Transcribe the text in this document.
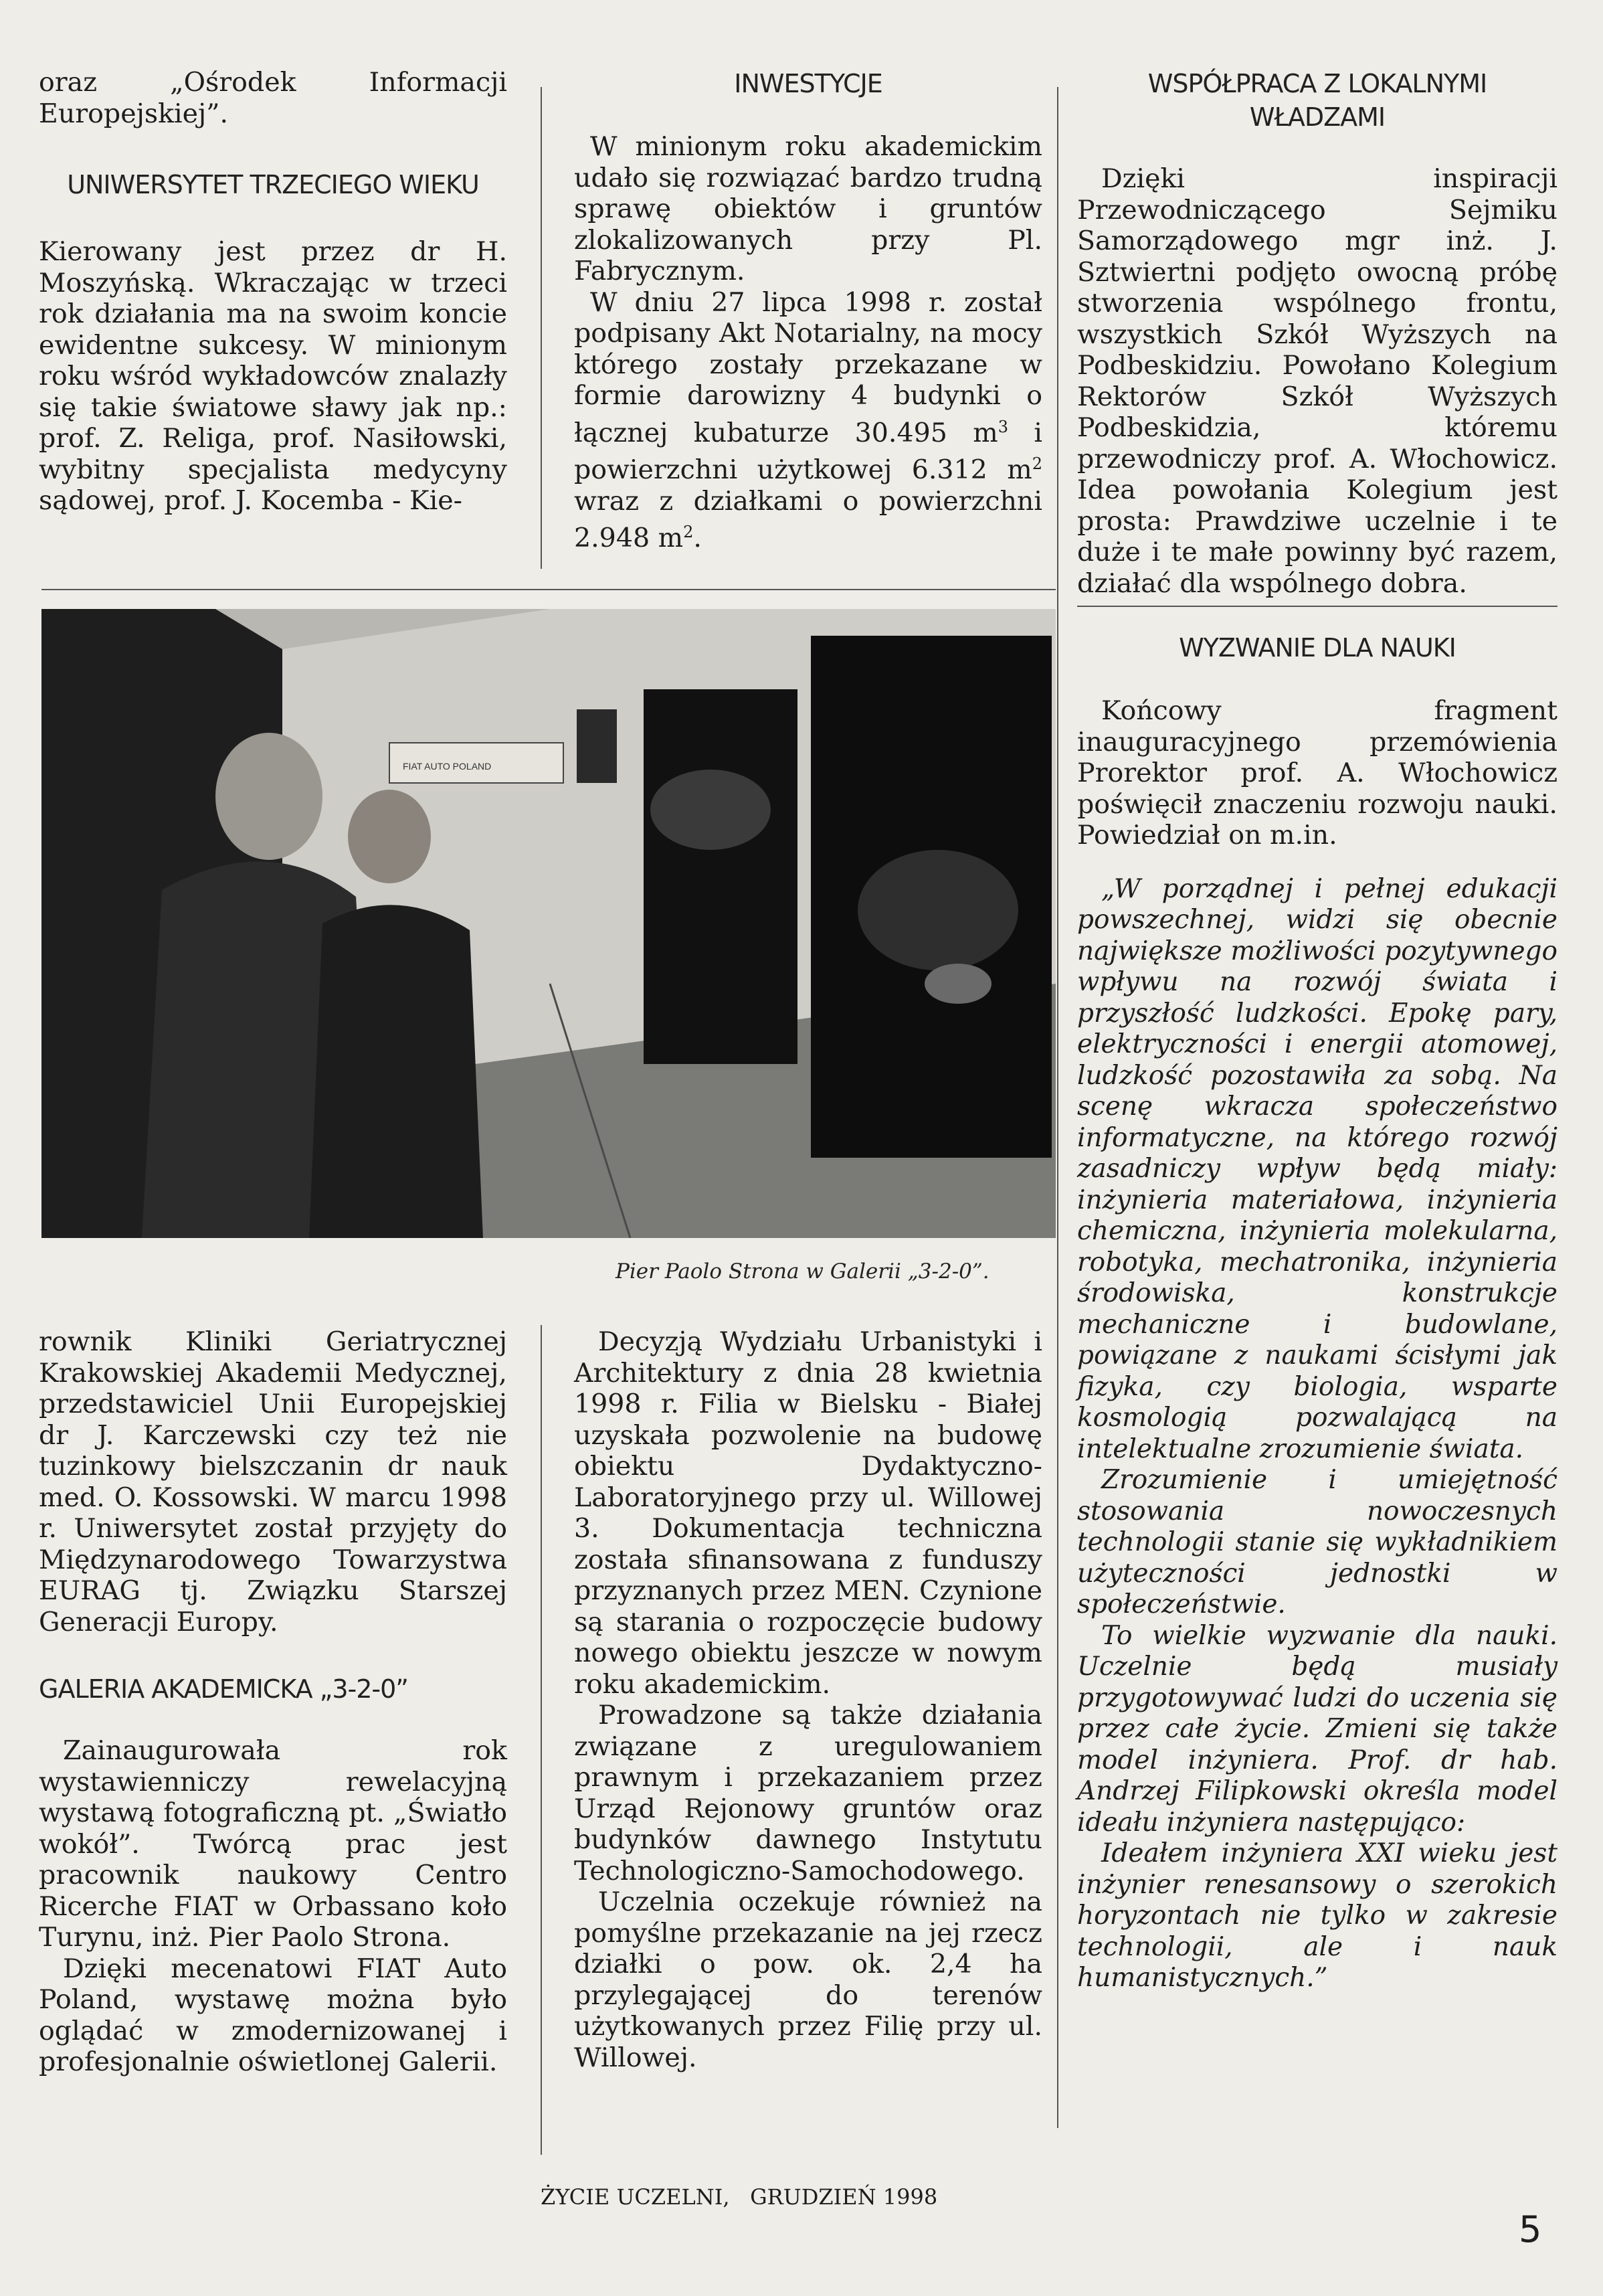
oraz „Ośrodek Informacji Europejskiej”.

UNIWERSYTET TRZECIEGO WIEKU

Kierowany jest przez dr H. Moszyńską. Wkraczając w trzeci rok działania ma na swoim koncie ewidentne sukcesy. W minionym roku wśród wykładowców znalazły się takie światowe sławy jak np.: prof. Z. Religa, prof. Nasiłowski, wybitny specjalista medycyny sądowej, prof. J. Kocemba - Kie-

INWESTYCJE

W minionym roku akademickim udało się rozwiązać bardzo trudną sprawę obiektów i gruntów zlokalizowanych przy Pl. Fabrycznym.

W dniu 27 lipca 1998 r. został podpisany Akt Notarialny, na mocy którego zostały przekazane w formie darowizny 4 budynki o łącznej kubaturze 30.495 $m^3$ i powierzchni użytkowej 6.312 $m^2$ wraz z działkami o powierzchni 2.948 $m^2$.

WSPÓŁPRACA Z LOKALNYMI WŁADZAMI

Dzięki inspiracji Przewodniczącego Sejmiku Samorządowego mgr inż. J. Sztwiertni podjęto owocną próbę stworzenia wspólnego frontu, wszystkich Szkół Wyższych na Podbeskidziu. Powołano Kolegium Rektorów Szkół Wyższych Podbeskidzia, któremu przewodniczy prof. A. Włochowicz. Idea powołania Kolegium jest prosta: Prawdziwe uczelnie i te duże i te małe powinny być razem, działać dla wspólnego dobra.

WYZWANIE DLA NAUKI

Końcowy fragment inauguracyjnego przemówienia Prorektor prof. A. Włochowicz poświęcił znaczeniu rozwoju nauki. Powiedział on m.in.

„W porządnej i pełnej edukacji powszechnej, widzi się obecnie największe możliwości pozytywnego wpływu na rozwój świata i przyszłość ludzkości. Epokę pary, elektryczności i energii atomowej, ludzkość pozostawiła za sobą. Na scenę wkracza społeczeństwo informatyczne, na którego rozwój zasadniczy wpływ będą miały: inżynieria materiałowa, inżynieria chemiczna, inżynieria molekularna, robotyka, mechatronika, inżynieria środowiska, konstrukcje mechaniczne i budowlane, powiązane z naukami ścisłymi jak fizyka, czy biologia, wsparte kosmologią pozwalającą na intelektualne zrozumienie świata.

Zrozumienie i umiejętność stosowania nowoczesnych technologii stanie się wykładnikiem użyteczności jednostki w społeczeństwie.

To wielkie wyzwanie dla nauki. Uczelnie będą musiały przygotowywać ludzi do uczenia się przez całe życie. Zmieni się także model inżyniera. Prof. dr hab. Andrzej Filipkowski określa model ideału inżyniera następująco:

Ideałem inżyniera XXI wieku jest inżynier renesansowy o szerokich horyzontach nie tylko w zakresie technologii, ale i nauk humanistycznych.”

FIAT AUTO POLAND
Pier Paolo Strona w Galerii „3-2-0”.

rownik Kliniki Geriatrycznej Krakowskiej Akademii Medycznej, przedstawiciel Unii Europejskiej dr J. Karczewski czy też nie tuzinkowy bielszczanin dr nauk med. O. Kossowski. W marcu 1998 r. Uniwersytet został przyjęty do Międzynarodowego Towarzystwa EURAG tj. Związku Starszej Generacji Europy.

GALERIA AKADEMICKA „3-2-0”

Zainaugurowała rok wystawienniczy rewelacyjną wystawą fotograficzną pt. „Światło wokół”. Twórcą prac jest pracownik naukowy Centro Ricerche FIAT w Orbassano koło Turynu, inż. Pier Paolo Strona.

Dzięki mecenatowi FIAT Auto Poland, wystawę można było oglądać w zmodernizowanej i profesjonalnie oświetlonej Galerii.

Decyzją Wydziału Urbanistyki i Architektury z dnia 28 kwietnia 1998 r. Filia w Bielsku - Białej uzyskała pozwolenie na budowę obiektu Dydaktyczno-Laboratoryjnego przy ul. Willowej 3. Dokumentacja techniczna została sfinansowana z funduszy przyznanych przez MEN. Czynione są starania o rozpoczęcie budowy nowego obiektu jeszcze w nowym roku akademickim.

Prowadzone są także działania związane z uregulowaniem prawnym i przekazaniem przez Urząd Rejonowy gruntów oraz budynków dawnego Instytutu Technologiczno-Samochodowego.

Uczelnia oczekuje również na pomyślne przekazanie na jej rzecz działki o pow. ok. 2,4 ha przylegającej do terenów użytkowanych przez Filię przy ul. Willowej.

ŻYCIE UCZELNI,   GRUDZIEŃ 1998
5
